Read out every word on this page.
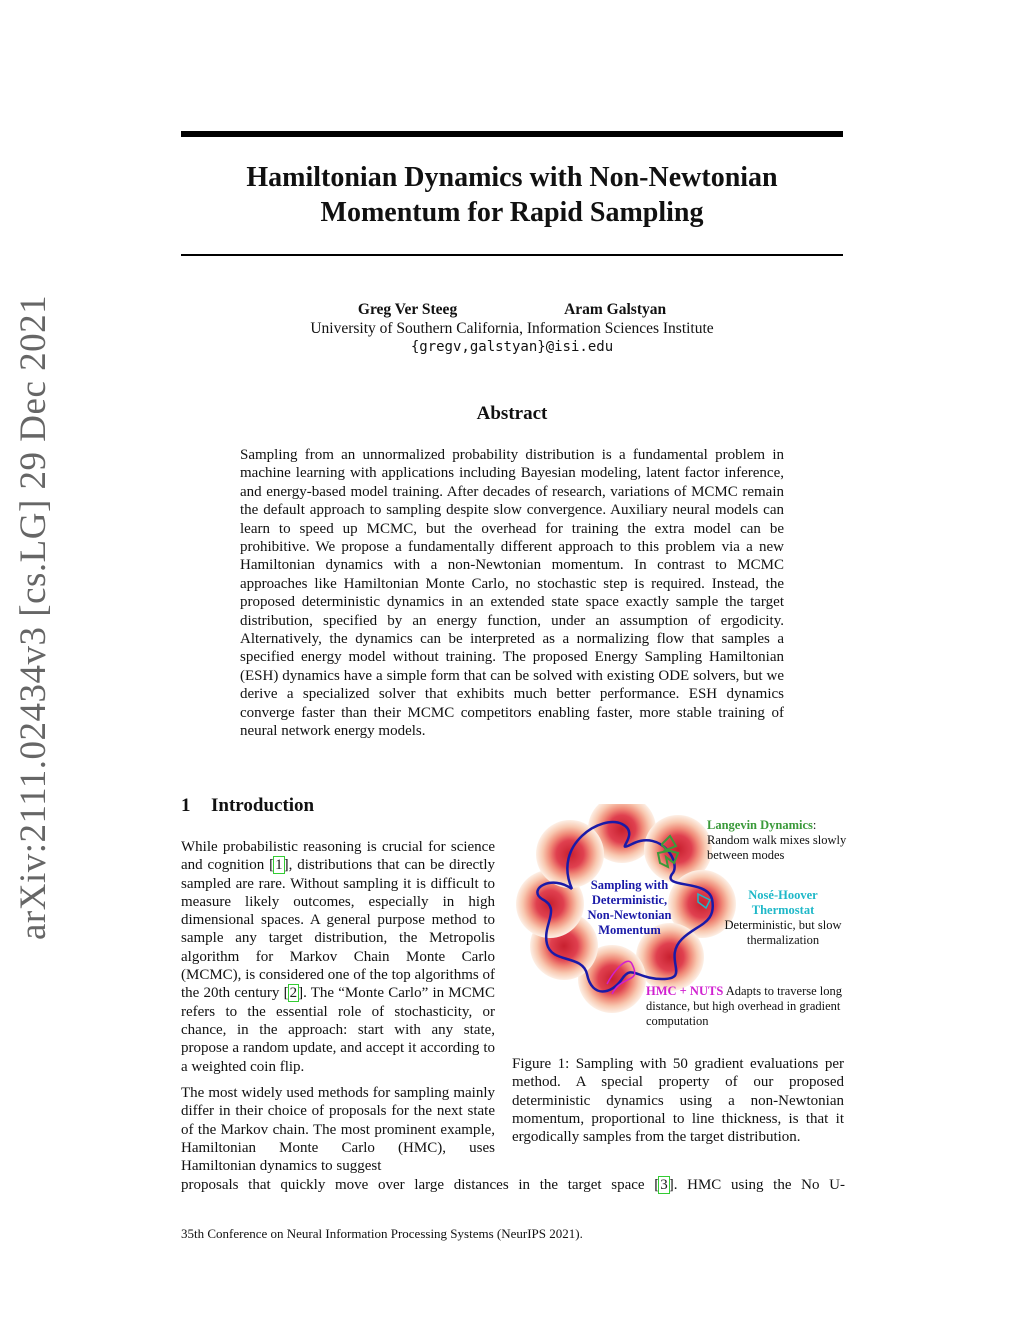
arXiv:2111.02434v3 [cs.LG] 29 Dec 2021
Hamiltonian Dynamics with Non-Newtonian
Momentum for Rapid Sampling
Greg Ver Steeg	Aram Galstyan
University of Southern California, Information Sciences Institute
{gregv,galstyan}@isi.edu
Abstract
Sampling from an unnormalized probability distribution is a fundamental problem in machine learning with applications including Bayesian modeling, latent factor inference, and energy-based model training. After decades of research, variations of MCMC remain the default approach to sampling despite slow convergence. Auxiliary neural models can learn to speed up MCMC, but the overhead for training the extra model can be prohibitive. We propose a fundamentally different approach to this problem via a new Hamiltonian dynamics with a non-Newtonian momentum. In contrast to MCMC approaches like Hamiltonian Monte Carlo, no stochastic step is required. Instead, the proposed deterministic dynamics in an extended state space exactly sample the target distribution, specified by an energy function, under an assumption of ergodicity. Alternatively, the dynamics can be interpreted as a normalizing flow that samples a specified energy model without training. The proposed Energy Sampling Hamiltonian (ESH) dynamics have a simple form that can be solved with existing ODE solvers, but we derive a specialized solver that exhibits much better performance. ESH dynamics converge faster than their MCMC competitors enabling faster, more stable training of neural network energy models.
1 Introduction
While probabilistic reasoning is crucial for science and cognition [1], distributions that can be directly sampled are rare. Without sampling it is difficult to measure likely outcomes, especially in high dimensional spaces. A general purpose method to sample any target distribution, the Metropolis algorithm for Markov Chain Monte Carlo (MCMC), is considered one of the top algorithms of the 20th century [2]. The “Monte Carlo” in MCMC refers to the essential role of stochasticity, or chance, in the approach: start with any state, propose a random update, and accept it according to a weighted coin flip.
The most widely used methods for sampling mainly differ in their choice of proposals for the next state of the Markov chain. The most prominent example, Hamiltonian Monte Carlo (HMC), uses Hamiltonian dynamics to suggest
proposals that quickly move over large distances in the target space [3]. HMC using the No U-
Langevin Dynamics:
Random walk mixes slowly between modes
Sampling with Deterministic, Non-Newtonian Momentum
Nosé-Hoover Thermostat
Deterministic, but slow thermalization
HMC + NUTS Adapts to traverse long distance, but high overhead in gradient computation
Figure 1: Sampling with 50 gradient evaluations per method. A special property of our proposed deterministic dynamics using a non-Newtonian momentum, proportional to line thickness, is that it ergodically samples from the target distribution.
35th Conference on Neural Information Processing Systems (NeurIPS 2021).
